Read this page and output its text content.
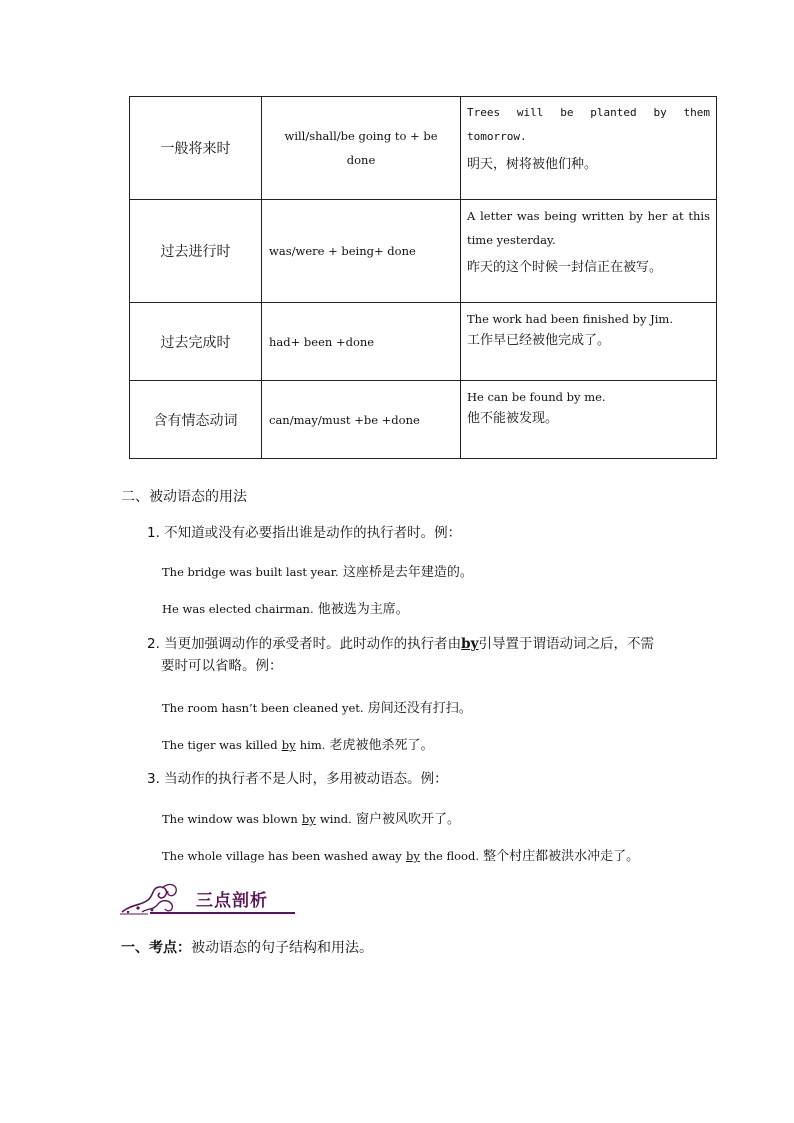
一般将来时	will/shall/be going to + be done	Trees will be planted by them tomorrow.
明天，树将被他们种。

过去进行时	was/were + being+ done	A letter was being written by her at this time yesterday.
昨天的这个时候一封信正在被写。

过去完成时	had+ been +done	The work had been finished by Jim.
工作早已经被他完成了。

含有情态动词	can/may/must +be +done	He can be found by me.
他不能被发现。
二、被动语态的用法
1. 不知道或没有必要指出谁是动作的执行者时。例：
The bridge was built last year. 这座桥是去年建造的。
He was elected chairman. 他被选为主席。
2. 当更加强调动作的承受者时。此时动作的执行者由by引导置于谓语动词之后，不需
要时可以省略。例：
The room hasn’t been cleaned yet. 房间还没有打扫。
The tiger was killed by him. 老虎被他杀死了。
3. 当动作的执行者不是人时，多用被动语态。例：
The window was blown by wind. 窗户被风吹开了。
The whole village has been washed away by the flood. 整个村庄都被洪水冲走了。
三点剖析
一、考点：被动语态的句子结构和用法。
